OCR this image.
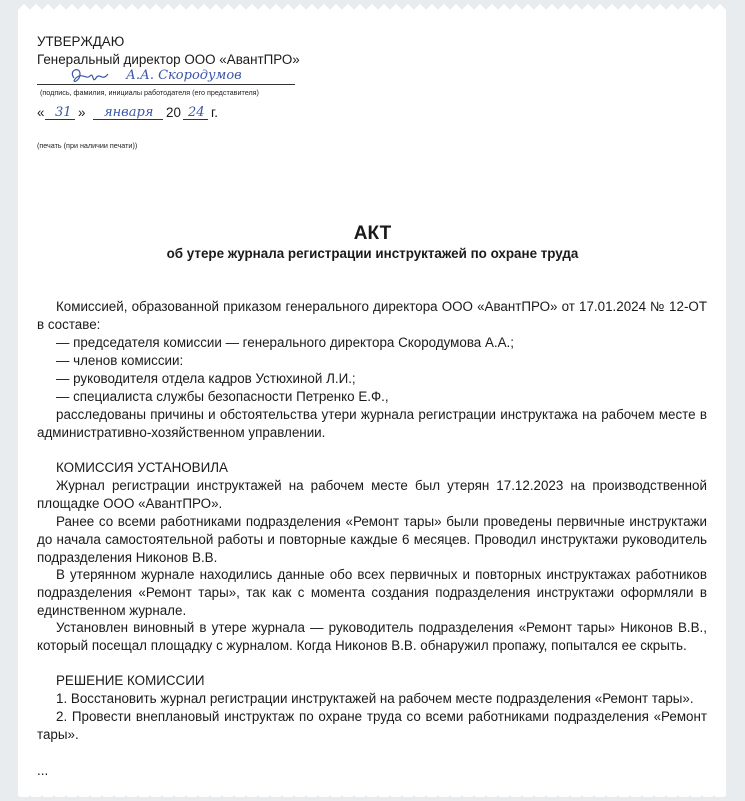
УТВЕРЖДАЮ
Генеральный директор ООО «АвантПРО»
А.А. Скородумов
(подпись, фамилия, инициалы работодателя (его представителя)
« 31 » января 20 24 г.
(печать (при наличии печати))
АКТ
об утере журнала регистрации инструктажей по охране труда
Комиссией, образованной приказом генерального директора ООО «АвантПРО» от 17.01.2024 № 12-ОТ в составе:
— председателя комиссии — генерального директора Скородумова А.А.;
— членов комиссии:
— руководителя отдела кадров Устюхиной Л.И.;
— специалиста службы безопасности Петренко Е.Ф.,
расследованы причины и обстоятельства утери журнала регистрации инструктажа на рабочем месте в административно-хозяйственном управлении.
КОМИССИЯ УСТАНОВИЛА
Журнал регистрации инструктажей на рабочем месте был утерян 17.12.2023 на производственной площадке ООО «АвантПРО».
Ранее со всеми работниками подразделения «Ремонт тары» были проведены первичные инструктажи до начала самостоятельной работы и повторные каждые 6 месяцев. Проводил инструктажи руководитель подразделения Никонов В.В.
В утерянном журнале находились данные обо всех первичных и повторных инструктажах работников подразделения «Ремонт тары», так как с момента создания подразделения инструктажи оформляли в единственном журнале.
Установлен виновный в утере журнала — руководитель подразделения «Ремонт тары» Никонов В.В., который посещал площадку с журналом. Когда Никонов В.В. обнаружил пропажу, попытался ее скрыть.
РЕШЕНИЕ КОМИССИИ
1. Восстановить журнал регистрации инструктажей на рабочем месте подразделения «Ремонт тары».
2. Провести внеплановый инструктаж по охране труда со всеми работниками подразделения «Ремонт тары».
...
